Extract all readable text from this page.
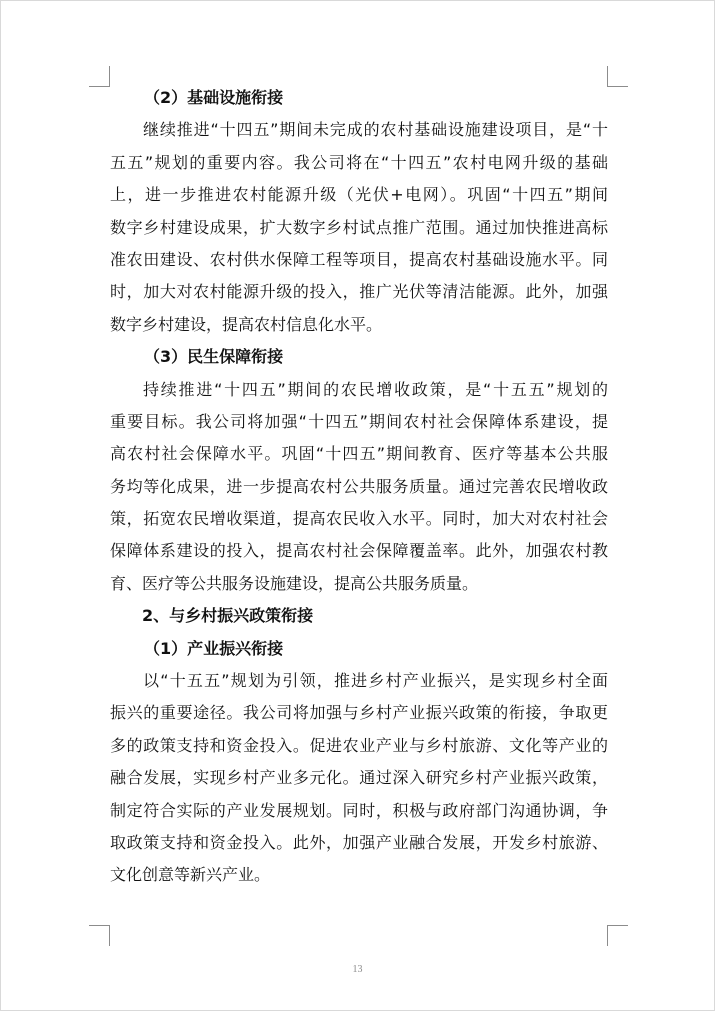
（2）基础设施衔接
继续推进“十四五”期间未完成的农村基础设施建设项目，是“十
五五”规划的重要内容。我公司将在“十四五”农村电网升级的基础
上，进一步推进农村能源升级（光伏+电网）。巩固“十四五”期间
数字乡村建设成果，扩大数字乡村试点推广范围。通过加快推进高标
准农田建设、农村供水保障工程等项目，提高农村基础设施水平。同
时，加大对农村能源升级的投入，推广光伏等清洁能源。此外，加强
数字乡村建设，提高农村信息化水平。
（3）民生保障衔接
持续推进“十四五”期间的农民增收政策，是“十五五”规划的
重要目标。我公司将加强“十四五”期间农村社会保障体系建设，提
高农村社会保障水平。巩固“十四五”期间教育、医疗等基本公共服
务均等化成果，进一步提高农村公共服务质量。通过完善农民增收政
策，拓宽农民增收渠道，提高农民收入水平。同时，加大对农村社会
保障体系建设的投入，提高农村社会保障覆盖率。此外，加强农村教
育、医疗等公共服务设施建设，提高公共服务质量。
2、与乡村振兴政策衔接
（1）产业振兴衔接
以“十五五”规划为引领，推进乡村产业振兴，是实现乡村全面
振兴的重要途径。我公司将加强与乡村产业振兴政策的衔接，争取更
多的政策支持和资金投入。促进农业产业与乡村旅游、文化等产业的
融合发展，实现乡村产业多元化。通过深入研究乡村产业振兴政策，
制定符合实际的产业发展规划。同时，积极与政府部门沟通协调，争
取政策支持和资金投入。此外，加强产业融合发展，开发乡村旅游、
文化创意等新兴产业。
13
